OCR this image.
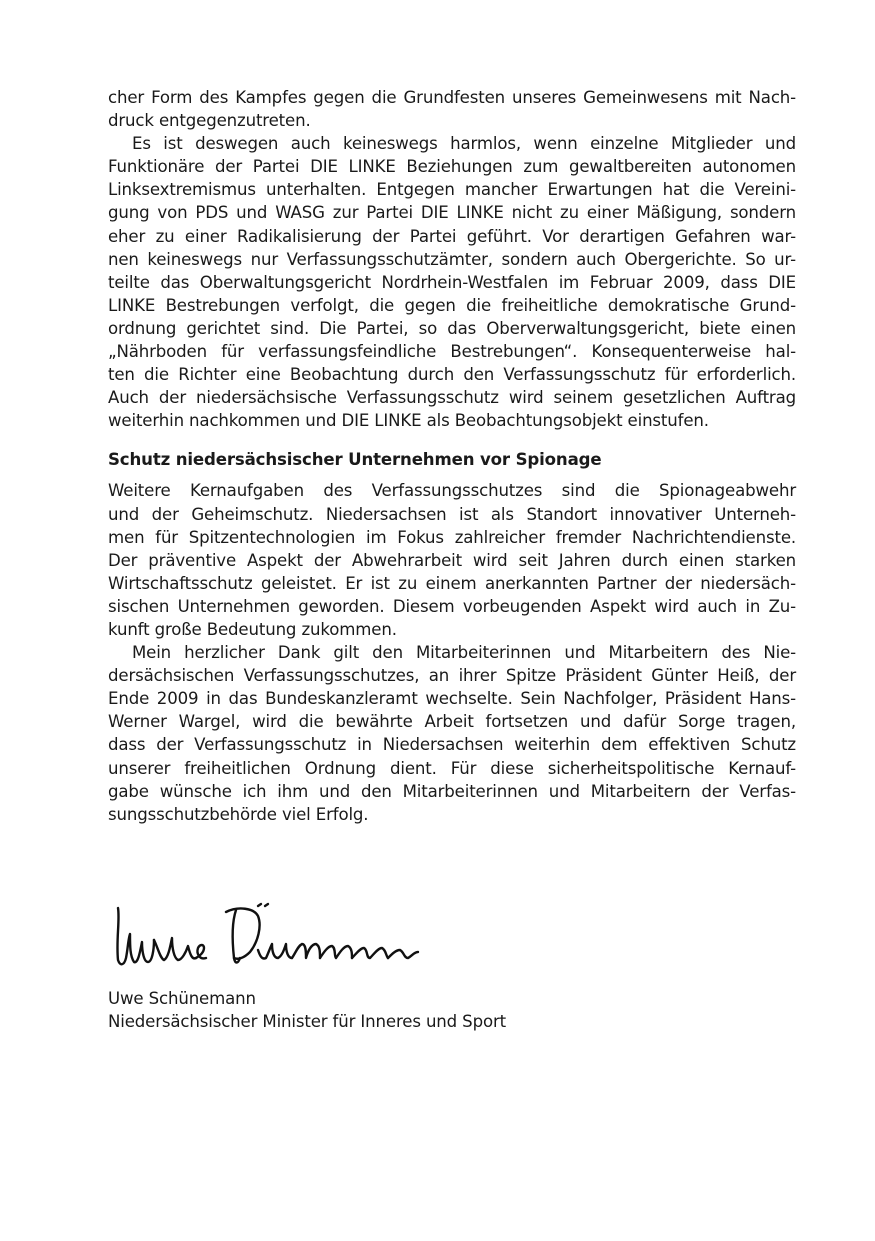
cher Form des Kampfes gegen die Grundfesten unseres Gemeinwesens mit Nach-
druck entgegenzutreten.
Es ist deswegen auch keineswegs harmlos, wenn einzelne Mitglieder und
Funktionäre der Partei DIE LINKE Beziehungen zum gewaltbereiten autonomen
Linksextremismus unterhalten. Entgegen mancher Erwartungen hat die Vereini-
gung von PDS und WASG zur Partei DIE LINKE nicht zu einer Mäßigung, sondern
eher zu einer Radikalisierung der Partei geführt. Vor derartigen Gefahren war-
nen keineswegs nur Verfassungsschutzämter, sondern auch Obergerichte. So ur-
teilte das Oberwaltungsgericht Nordrhein-Westfalen im Februar 2009, dass DIE
LINKE Bestrebungen verfolgt, die gegen die freiheitliche demokratische Grund-
ordnung gerichtet sind. Die Partei, so das Oberverwaltungsgericht, biete einen
„Nährboden für verfassungsfeindliche Bestrebungen“. Konsequenterweise hal-
ten die Richter eine Beobachtung durch den Verfassungsschutz für erforderlich.
Auch der niedersächsische Verfassungsschutz wird seinem gesetzlichen Auftrag
weiterhin nachkommen und DIE LINKE als Beobachtungsobjekt einstufen.
Schutz niedersächsischer Unternehmen vor Spionage
Weitere Kernaufgaben des Verfassungsschutzes sind die Spionageabwehr
und der Geheimschutz. Niedersachsen ist als Standort innovativer Unterneh-
men für Spitzentechnologien im Fokus zahlreicher fremder Nachrichtendienste.
Der präventive Aspekt der Abwehrarbeit wird seit Jahren durch einen starken
Wirtschaftsschutz geleistet. Er ist zu einem anerkannten Partner der niedersäch-
sischen Unternehmen geworden. Diesem vorbeugenden Aspekt wird auch in Zu-
kunft große Bedeutung zukommen.
Mein herzlicher Dank gilt den Mitarbeiterinnen und Mitarbeitern des Nie-
dersächsischen Verfassungsschutzes, an ihrer Spitze Präsident Günter Heiß, der
Ende 2009 in das Bundeskanzleramt wechselte. Sein Nachfolger, Präsident Hans-
Werner Wargel, wird die bewährte Arbeit fortsetzen und dafür Sorge tragen,
dass der Verfassungsschutz in Niedersachsen weiterhin dem effektiven Schutz
unserer freiheitlichen Ordnung dient. Für diese sicherheitspolitische Kernauf-
gabe wünsche ich ihm und den Mitarbeiterinnen und Mitarbeitern der Verfas-
sungsschutzbehörde viel Erfolg.
Uwe Schünemann
Niedersächsischer Minister für Inneres und Sport
